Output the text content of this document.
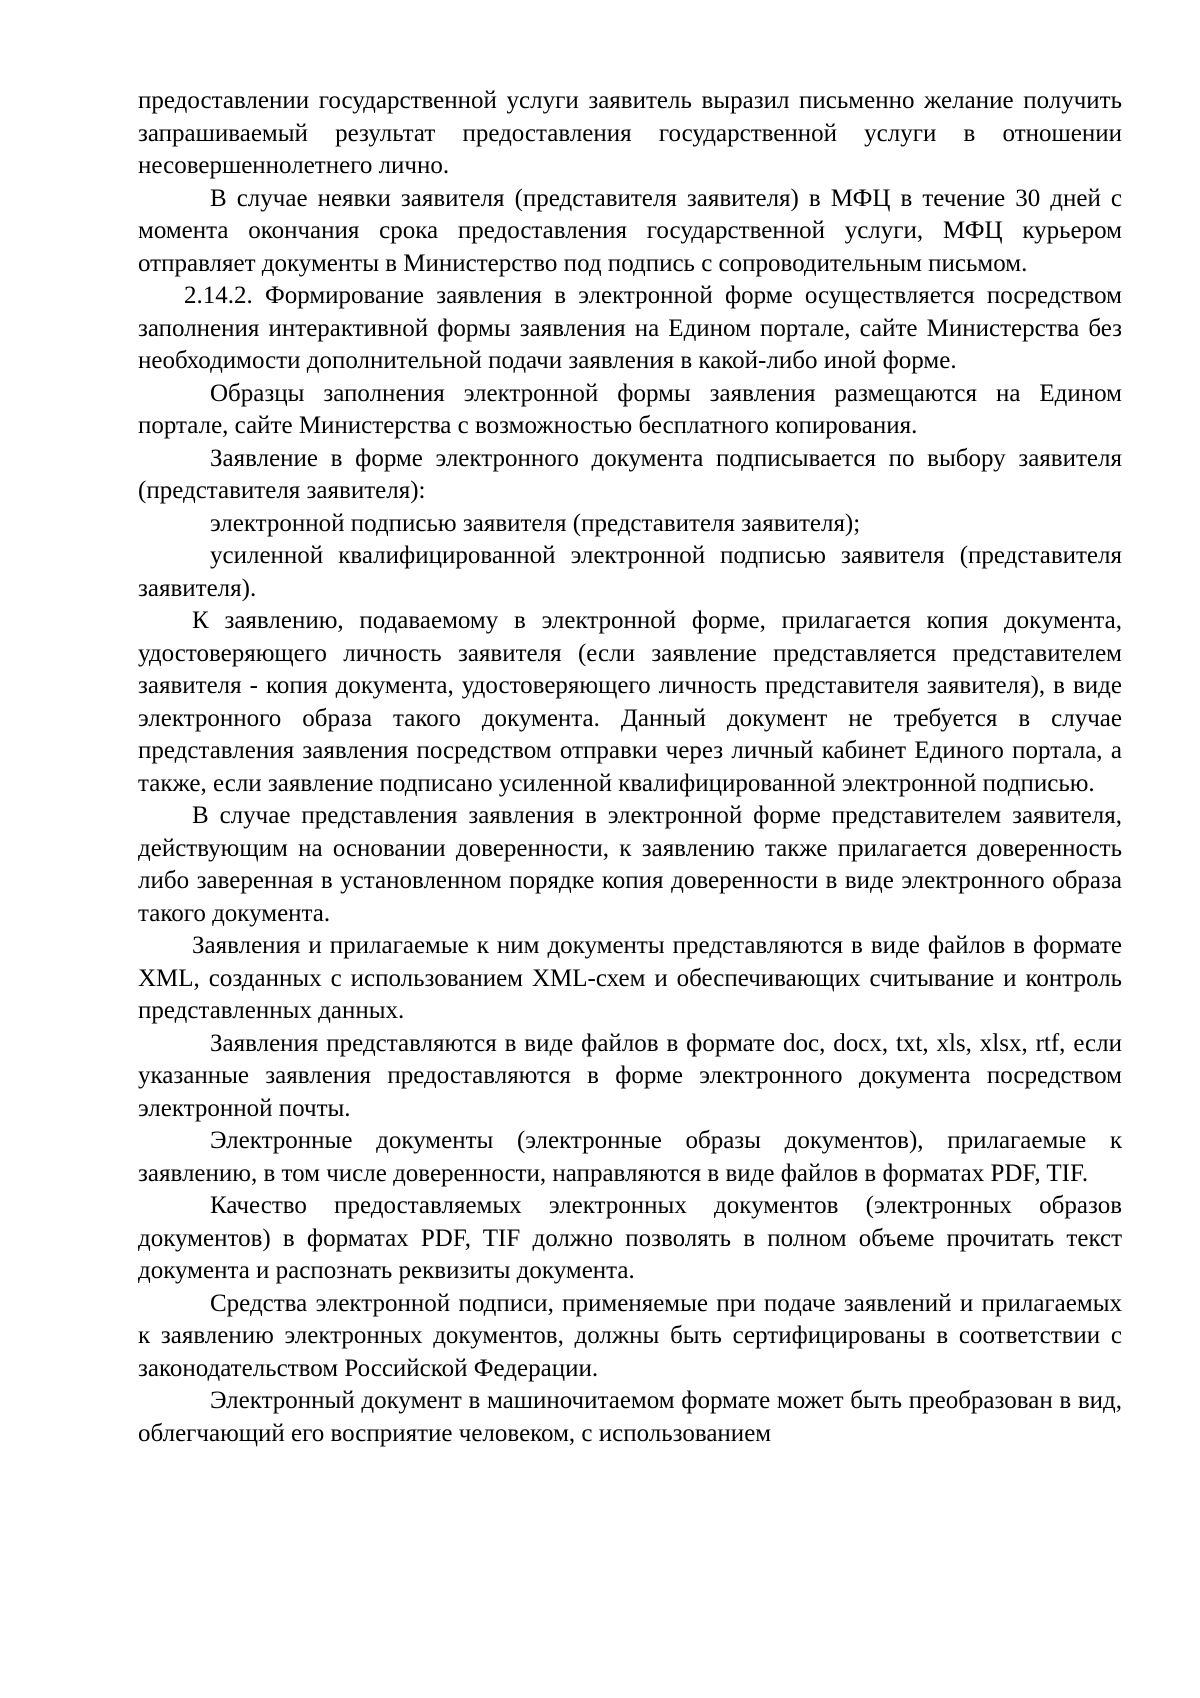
предоставлении государственной услуги заявитель выразил письменно желание получить запрашиваемый результат предоставления государственной услуги в отношении несовершеннолетнего лично.

В случае неявки заявителя (представителя заявителя) в МФЦ в течение 30 дней с момента окончания срока предоставления государственной услуги, МФЦ курьером отправляет документы в Министерство под подпись с сопроводительным письмом.

2.14.2. Формирование заявления в электронной форме осуществляется посредством заполнения интерактивной формы заявления на Едином портале, сайте Министерства без необходимости дополнительной подачи заявления в какой-либо иной форме.

Образцы заполнения электронной формы заявления размещаются на Едином портале, сайте Министерства с возможностью бесплатного копирования.

Заявление в форме электронного документа подписывается по выбору заявителя (представителя заявителя):

электронной подписью заявителя (представителя заявителя);

усиленной квалифицированной электронной подписью заявителя (представителя заявителя).

К заявлению, подаваемому в электронной форме, прилагается копия документа, удостоверяющего личность заявителя (если заявление представляется представителем заявителя - копия документа, удостоверяющего личность представителя заявителя), в виде электронного образа такого документа. Данный документ не требуется в случае представления заявления посредством отправки через личный кабинет Единого портала, а также, если заявление подписано усиленной квалифицированной электронной подписью.

В случае представления заявления в электронной форме представителем заявителя, действующим на основании доверенности, к заявлению также прилагается доверенность либо заверенная в установленном порядке копия доверенности в виде электронного образа такого документа.

Заявления и прилагаемые к ним документы представляются в виде файлов в формате XML, созданных с использованием XML-схем и обеспечивающих считывание и контроль представленных данных.

Заявления представляются в виде файлов в формате doc, docx, txt, xls, xlsx, rtf, если указанные заявления предоставляются в форме электронного документа посредством электронной почты.

Электронные документы (электронные образы документов), прилагаемые к заявлению, в том числе доверенности, направляются в виде файлов в форматах PDF, TIF.

Качество предоставляемых электронных документов (электронных образов документов) в форматах PDF, TIF должно позволять в полном объеме прочитать текст документа и распознать реквизиты документа.

Средства электронной подписи, применяемые при подаче заявлений и прилагаемых к заявлению электронных документов, должны быть сертифицированы в соответствии с законодательством Российской Федерации.

Электронный документ в машиночитаемом формате может быть преобразован в вид, облегчающий его восприятие человеком, с использованием
